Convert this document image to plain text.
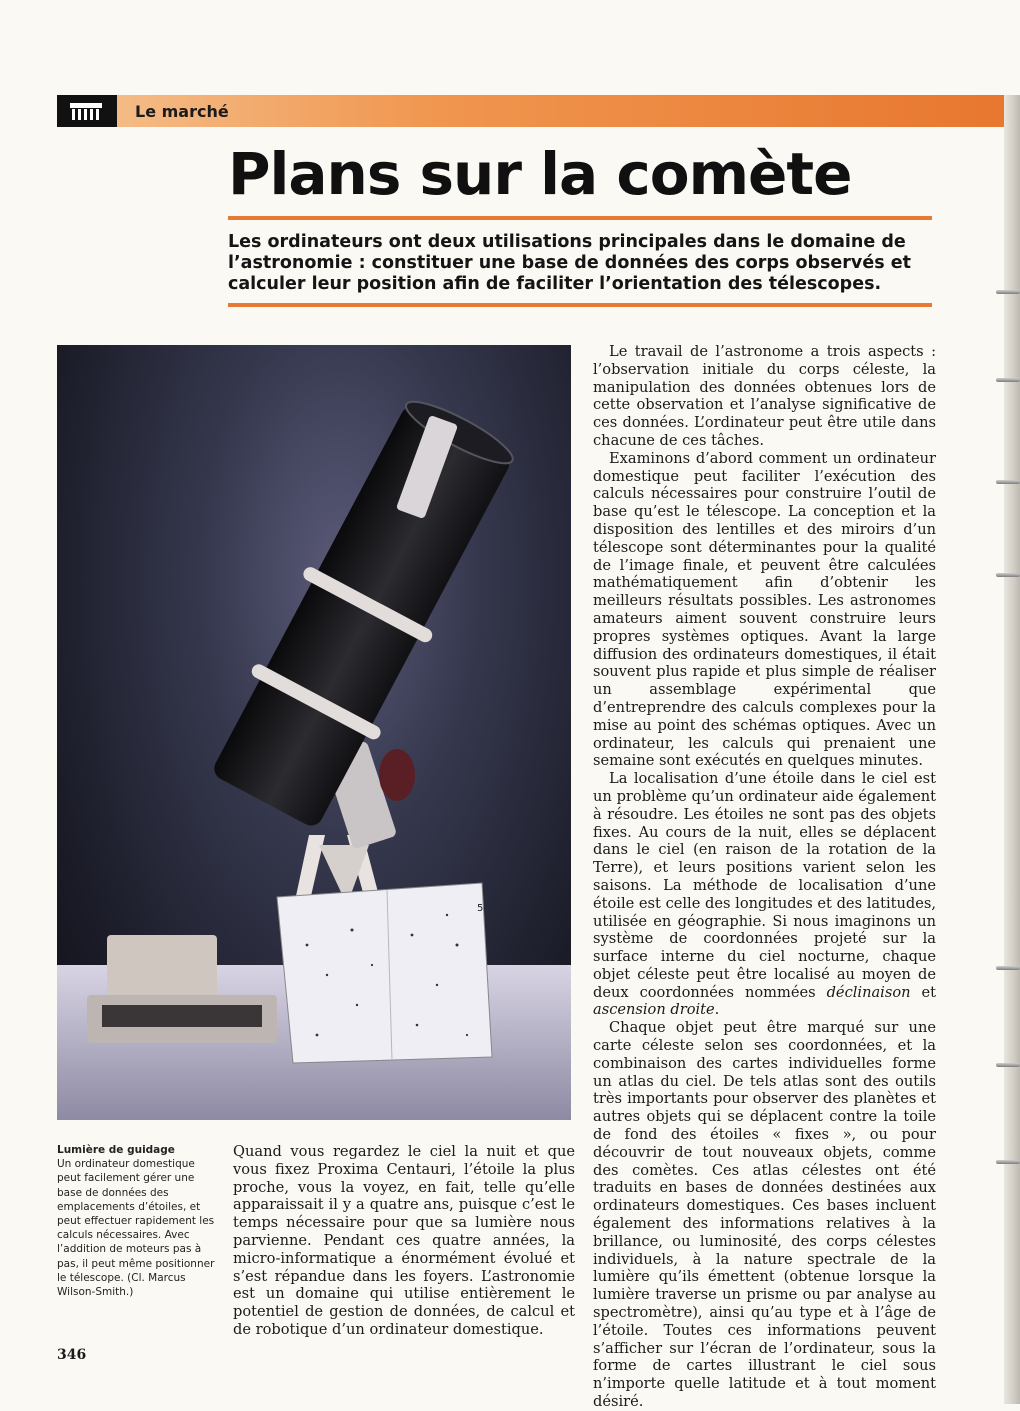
Le marché
Plans sur la comète

Les ordinateurs ont deux utilisations principales dans le domaine de l’astronomie : constituer une base de données des corps observés et calculer leur position afin de faciliter l’orientation des télescopes.

5
Lumière de guidage
Un ordinateur domestique peut facilement gérer une base de données des emplacements d’étoiles, et peut effectuer rapidement les calculs nécessaires. Avec l’addition de moteurs pas à pas, il peut même positionner le télescope. (Cl. Marcus Wilson-Smith.)

Quand vous regardez le ciel la nuit et que vous fixez Proxima Centauri, l’étoile la plus proche, vous la voyez, en fait, telle qu’elle apparaissait il y a quatre ans, puisque c’est le temps nécessaire pour que sa lumière nous parvienne. Pendant ces quatre années, la micro-informatique a énormément évolué et s’est répandue dans les foyers. L’astronomie est un domaine qui utilise entièrement le potentiel de gestion de données, de calcul et de robotique d’un ordinateur domestique.

Le travail de l’astronome a trois aspects : l’observation initiale du corps céleste, la manipulation des données obtenues lors de cette observation et l’analyse significative de ces données. L’ordinateur peut être utile dans chacune de ces tâches.

Examinons d’abord comment un ordinateur domestique peut faciliter l’exécution des calculs nécessaires pour construire l’outil de base qu’est le télescope. La conception et la disposition des lentilles et des miroirs d’un télescope sont déterminantes pour la qualité de l’image finale, et peuvent être calculées mathématiquement afin d’obtenir les meilleurs résultats possibles. Les astronomes amateurs aiment souvent construire leurs propres systèmes optiques. Avant la large diffusion des ordinateurs domestiques, il était souvent plus rapide et plus simple de réaliser un assemblage expérimental que d’entreprendre des calculs complexes pour la mise au point des schémas optiques. Avec un ordinateur, les calculs qui prenaient une semaine sont exécutés en quelques minutes.

La localisation d’une étoile dans le ciel est un problème qu’un ordinateur aide également à résoudre. Les étoiles ne sont pas des objets fixes. Au cours de la nuit, elles se déplacent dans le ciel (en raison de la rotation de la Terre), et leurs positions varient selon les saisons. La méthode de localisation d’une étoile est celle des longitudes et des latitudes, utilisée en géographie. Si nous imaginons un système de coordonnées projeté sur la surface interne du ciel nocturne, chaque objet céleste peut être localisé au moyen de deux coordonnées nommées déclinaison et ascension droite.

Chaque objet peut être marqué sur une carte céleste selon ses coordonnées, et la combinaison des cartes individuelles forme un atlas du ciel. De tels atlas sont des outils très importants pour observer des planètes et autres objets qui se déplacent contre la toile de fond des étoiles « fixes », ou pour découvrir de tout nouveaux objets, comme des comètes. Ces atlas célestes ont été traduits en bases de données destinées aux ordinateurs domestiques. Ces bases incluent également des informations relatives à la brillance, ou luminosité, des corps célestes individuels, à la nature spectrale de la lumière qu’ils émettent (obtenue lorsque la lumière traverse un prisme ou par analyse au spectromètre), ainsi qu’au type et à l’âge de l’étoile. Toutes ces informations peuvent s’afficher sur l’écran de l’ordinateur, sous la forme de cartes illustrant le ciel sous n’importe quelle latitude et à tout moment désiré.

346
